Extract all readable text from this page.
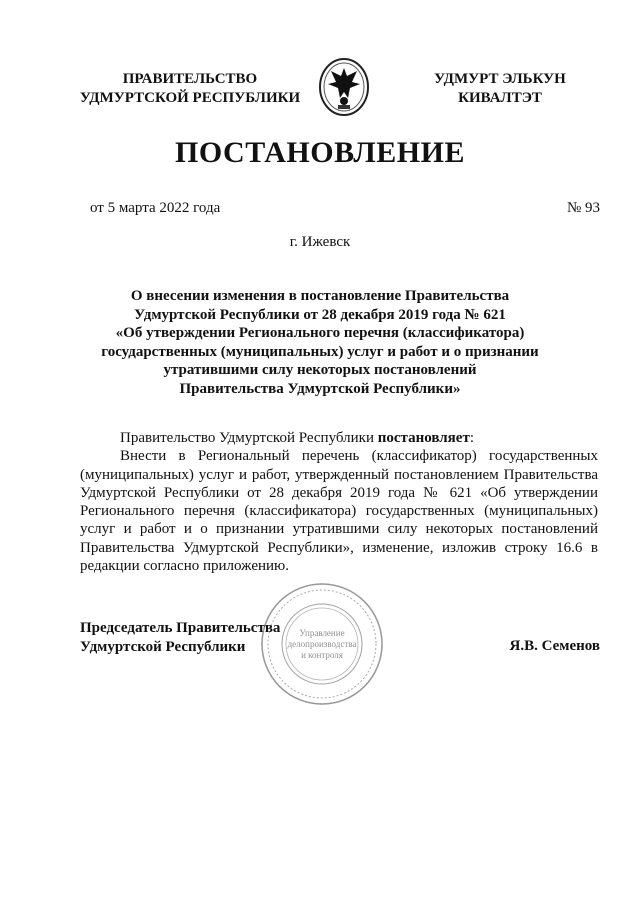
ПРАВИТЕЛЬСТВО
УДМУРТСКОЙ РЕСПУБЛИКИ
УДМУРТ ЭЛЬКУН
КИВАЛТЭТ
ПОСТАНОВЛЕНИЕ
от 5 марта 2022 года	№ 93
г. Ижевск
О внесении изменения в постановление Правительства
Удмуртской Республики от 28 декабря 2019 года № 621
«Об утверждении Регионального перечня (классификатора)
государственных (муниципальных) услуг и работ и о признании
утратившими силу некоторых постановлений
Правительства Удмуртской Республики»

Правительство Удмуртской Республики постановляет:

Внести в Региональный перечень (классификатор) государственных (муниципальных) услуг и работ, утвержденный постановлением Правительства Удмуртской Республики от 28 декабря 2019 года № 621 «Об утверждении Регионального перечня (классификатора) государственных (муниципальных) услуг и работ и о признании утратившими силу некоторых постановлений Правительства Удмуртской Республики», изменение, изложив строку 16.6 в редакции согласно приложению.

Председатель Правительства
Удмуртской Республики	Я.В. Семенов
Управление
делопроизводства
и контроля
